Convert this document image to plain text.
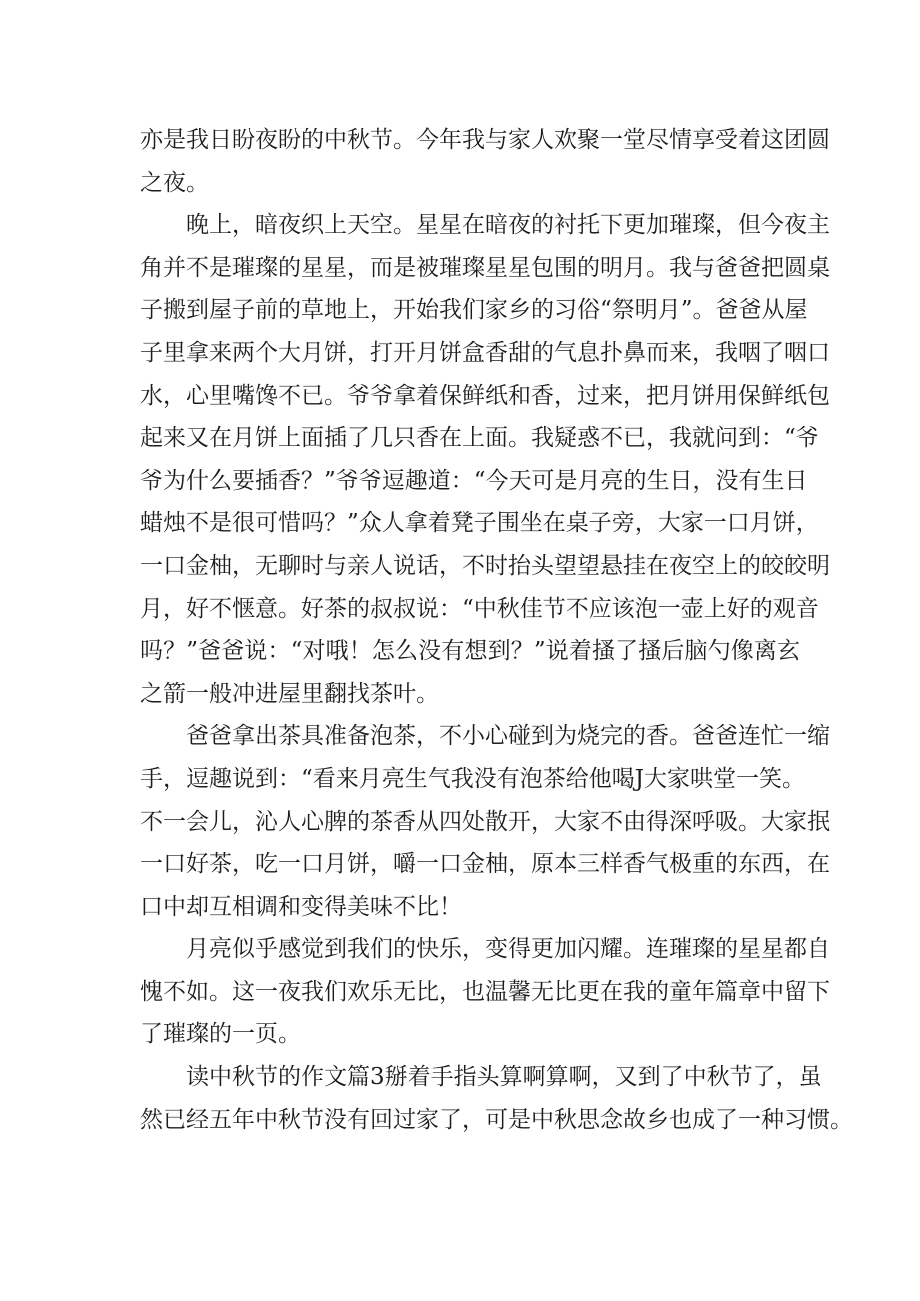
亦是我日盼夜盼的中秋节。今年我与家人欢聚一堂尽情享受着这团圆
之夜。
晚上，暗夜织上天空。星星在暗夜的衬托下更加璀璨，但今夜主
角并不是璀璨的星星，而是被璀璨星星包围的明月。我与爸爸把圆桌
子搬到屋子前的草地上，开始我们家乡的习俗“祭明月”。爸爸从屋
子里拿来两个大月饼，打开月饼盒香甜的气息扑鼻而来，我咽了咽口
水，心里嘴馋不已。爷爷拿着保鲜纸和香，过来，把月饼用保鲜纸包
起来又在月饼上面插了几只香在上面。我疑惑不已，我就问到：“爷
爷为什么要插香？”爷爷逗趣道：“今天可是月亮的生日，没有生日
蜡烛不是很可惜吗？”众人拿着凳子围坐在桌子旁，大家一口月饼，
一口金柚，无聊时与亲人说话，不时抬头望望悬挂在夜空上的皎皎明
月，好不惬意。好茶的叔叔说：“中秋佳节不应该泡一壶上好的观音
吗？”爸爸说：“对哦！怎么没有想到？”说着搔了搔后脑勺像离玄
之箭一般冲进屋里翻找茶叶。
爸爸拿出茶具准备泡茶，不小心碰到为烧完的香。爸爸连忙一缩
手，逗趣说到：“看来月亮生气我没有泡茶给他喝J大家哄堂一笑。
不一会儿，沁人心脾的茶香从四处散开，大家不由得深呼吸。大家抿
一口好茶，吃一口月饼，嚼一口金柚，原本三样香气极重的东西，在
口中却互相调和变得美味不比！
月亮似乎感觉到我们的快乐，变得更加闪耀。连璀璨的星星都自
愧不如。这一夜我们欢乐无比，也温馨无比更在我的童年篇章中留下
了璀璨的一页。
读中秋节的作文篇3掰着手指头算啊算啊，又到了中秋节了，虽
然已经五年中秋节没有回过家了，可是中秋思念故乡也成了一种习惯。
